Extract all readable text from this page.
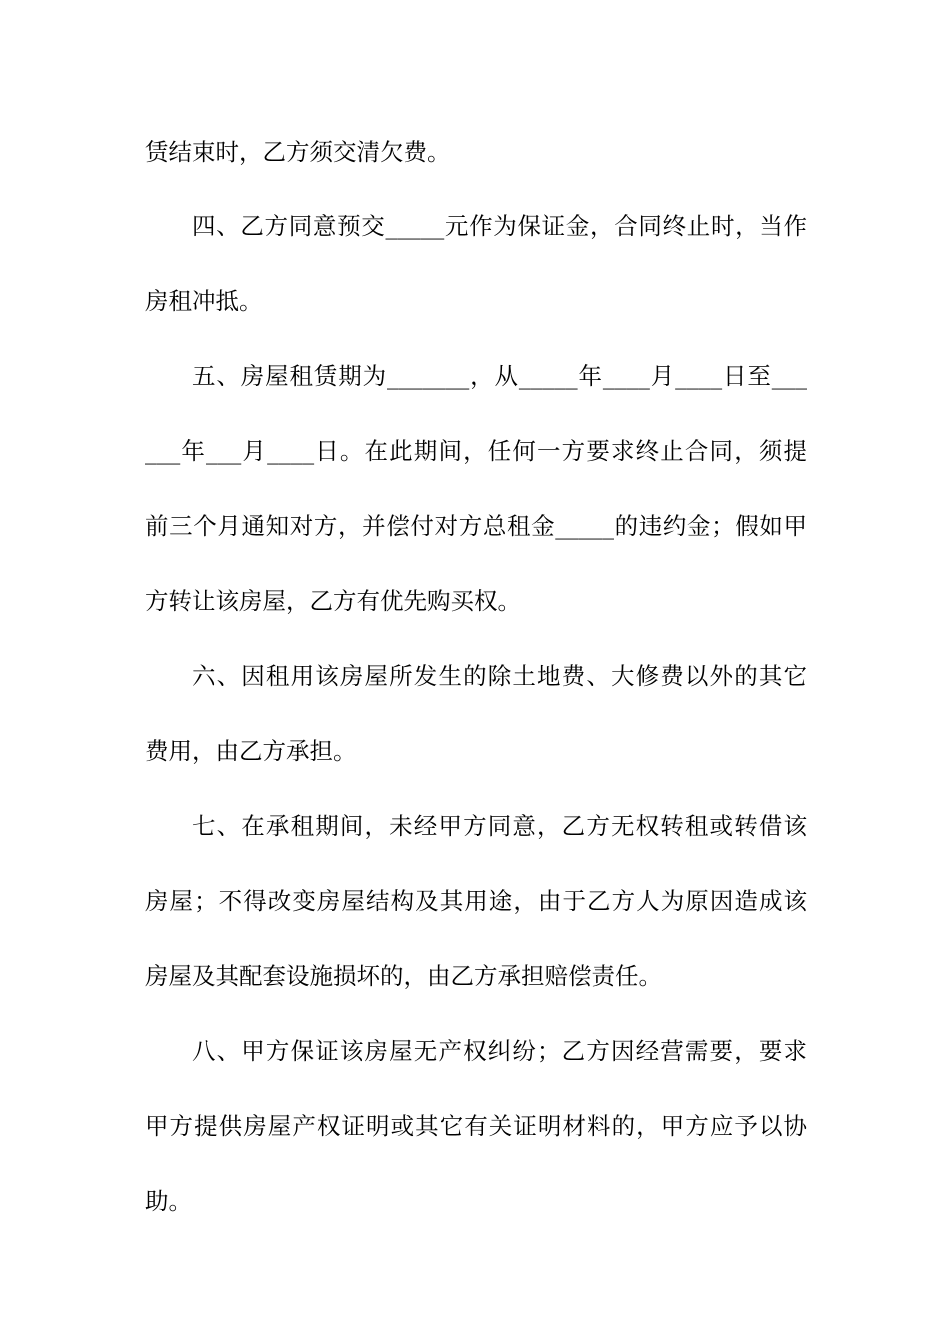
赁结束时，乙方须交清欠费。
四、乙方同意预交_____元作为保证金，合同终止时，当作
房租冲抵。
五、房屋租赁期为_______，从_____年____月____日至___
___年___月____日。在此期间，任何一方要求终止合同，须提
前三个月通知对方，并偿付对方总租金_____的违约金；假如甲
方转让该房屋，乙方有优先购买权。
六、因租用该房屋所发生的除土地费、大修费以外的其它
费用，由乙方承担。
七、在承租期间，未经甲方同意，乙方无权转租或转借该
房屋；不得改变房屋结构及其用途，由于乙方人为原因造成该
房屋及其配套设施损坏的，由乙方承担赔偿责任。
八、甲方保证该房屋无产权纠纷；乙方因经营需要，要求
甲方提供房屋产权证明或其它有关证明材料的，甲方应予以协
助。
